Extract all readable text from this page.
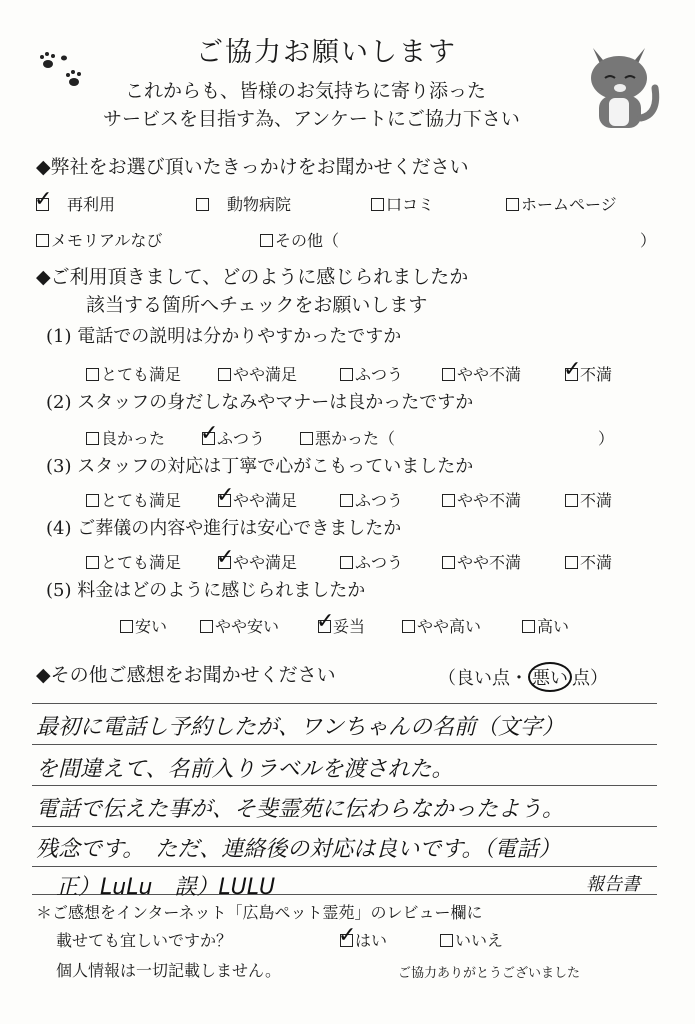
ご協力お願いします
これからも、皆様のお気持ちに寄り添った
サービスを目指す為、アンケートにご協力下さい
◆弊社をお選び頂いたきっかけをお聞かせください
✓　再利用
　	動物病院	口コミ	ホームページ
メモリアルなび	その他（	）
◆ご利用頂きまして、どのように感じられましたか
該当する箇所へチェックをお願いします
(1) 電話での説明は分かりやすかったですか
とても満足	やや満足	ふつう	やや不満 ✓	不満
(2) スタッフの身だしなみやマナーは良かったですか
良かった ✓	ふつう	悪かった（	）
(3) スタッフの対応は丁寧で心がこもっていましたか
とても満足 ✓	やや満足	ふつう	やや不満	不満
(4) ご葬儀の内容や進行は安心できましたか
とても満足 ✓	やや満足	ふつう	やや不満	不満
(5) 料金はどのように感じられましたか
安い	やや安い ✓	妥当	やや高い	高い
◆その他ご感想をお聞かせください	（良い点・ 悪い 点）
最初に電話し予約したが、ワンちゃんの名前（文字）
を間違えて、名前入りラベルを渡された。
電話で伝えた事が、そ斐霊苑に伝わらなかったよう。
残念です。　ただ、連絡後の対応は良いです。（電話）
正）LuLu　誤）LULU	報告書
＊ご感想をインターネット「広島ペット霊苑」のレビュー欄に
載せても宜しいですか？ ✓	はい	いいえ
個人情報は一切記載しません。	ご協力ありがとうございました
